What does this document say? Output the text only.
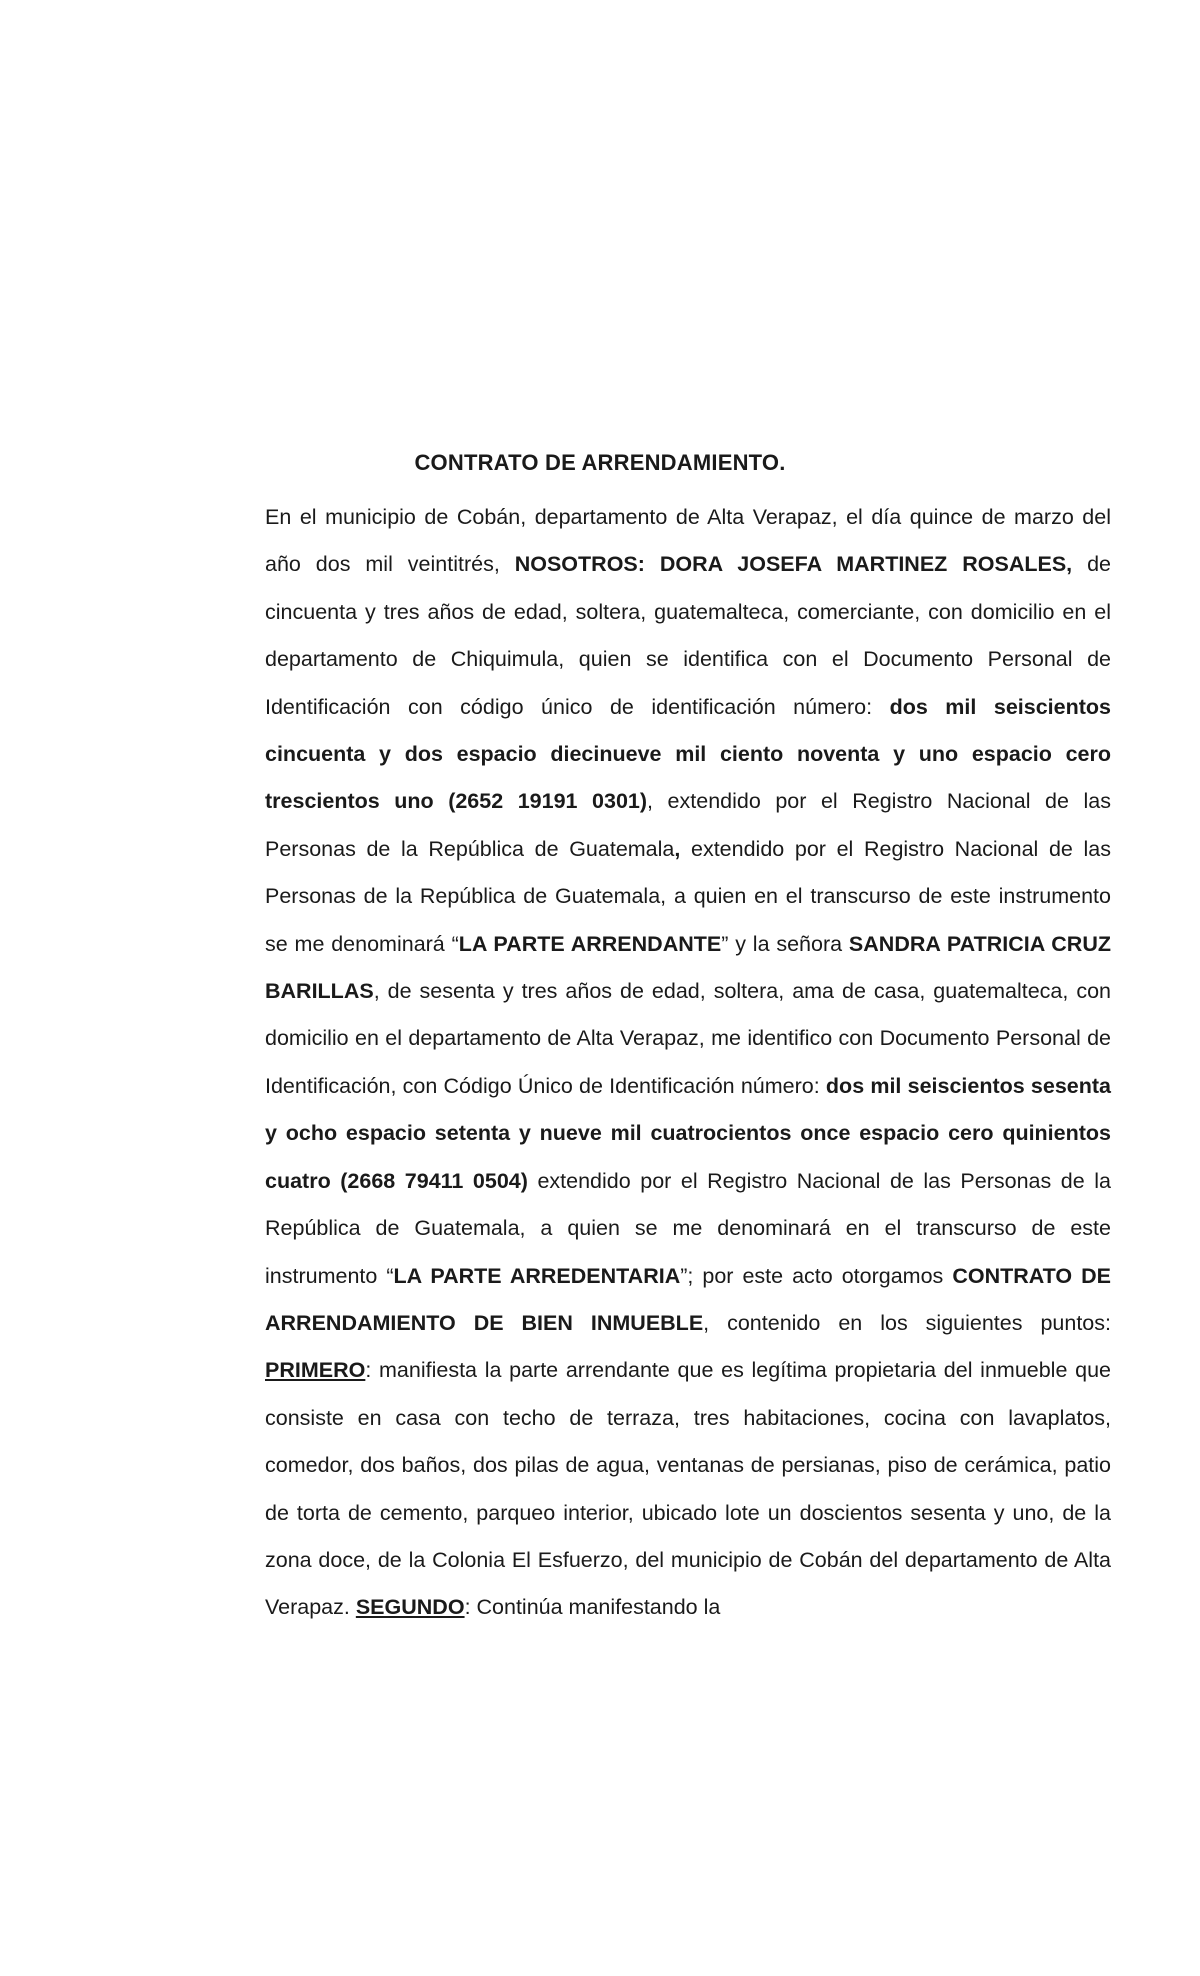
CONTRATO DE ARRENDAMIENTO.

En el municipio de Cobán, departamento de Alta Verapaz, el día quince de marzo del año dos mil veintitrés, NOSOTROS: DORA JOSEFA MARTINEZ ROSALES, de cincuenta y tres años de edad, soltera, guatemalteca, comerciante, con domicilio en el departamento de Chiquimula, quien se identifica con el Documento Personal de Identificación con código único de identificación número: dos mil seiscientos cincuenta y dos espacio diecinueve mil ciento noventa y uno espacio cero trescientos uno (2652 19191 0301), extendido por el Registro Nacional de las Personas de la República de Guatemala, extendido por el Registro Nacional de las Personas de la República de Guatemala, a quien en el transcurso de este instrumento se me denominará “LA PARTE ARRENDANTE” y la señora SANDRA PATRICIA CRUZ BARILLAS, de sesenta y tres años de edad, soltera, ama de casa, guatemalteca, con domicilio en el departamento de Alta Verapaz, me identifico con Documento Personal de Identificación, con Código Único de Identificación número: dos mil seiscientos sesenta y ocho espacio setenta y nueve mil cuatrocientos once espacio cero quinientos cuatro (2668 79411 0504) extendido por el Registro Nacional de las Personas de la República de Guatemala, a quien se me denominará en el transcurso de este instrumento “LA PARTE ARREDENTARIA”; por este acto otorgamos CONTRATO DE ARRENDAMIENTO DE BIEN INMUEBLE, contenido en los siguientes puntos: PRIMERO: manifiesta la parte arrendante que es legítima propietaria del inmueble que consiste en casa con techo de terraza, tres habitaciones, cocina con lavaplatos, comedor, dos baños, dos pilas de agua, ventanas de persianas, piso de cerámica, patio de torta de cemento, parqueo interior, ubicado lote un doscientos sesenta y uno, de la zona doce, de la Colonia El Esfuerzo, del municipio de Cobán del departamento de Alta Verapaz. SEGUNDO: Continúa manifestando la
